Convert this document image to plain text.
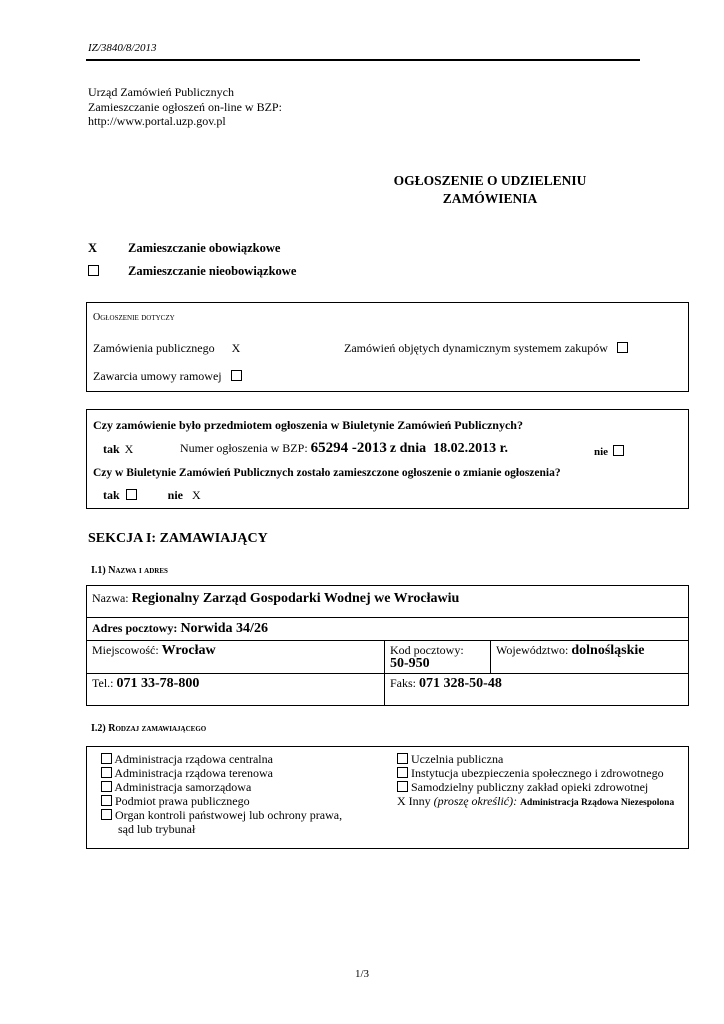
IZ/3840/8/2013
Urząd Zamówień Publicznych
Zamieszczanie ogłoszeń on-line w BZP:
http://www.portal.uzp.gov.pl
OGŁOSZENIE O UDZIELENIU
ZAMÓWIENIA
X Zamieszczanie obowiązkowe
Zamieszczanie nieobowiązkowe
Ogłoszenie dotyczy
Zamówienia publicznego X	Zamówień objętych dynamicznym systemem zakupów
Zawarcia umowy ramowej
Czy zamówienie było przedmiotem ogłoszenia w Biuletynie Zamówień Publicznych?
tak X	Numer ogłoszenia w BZP: 65294 -2013 z dnia 18.02.2013 r.	nie
Czy w Biuletynie Zamówień Publicznych zostało zamieszczone ogłoszenie o zmianie ogłoszenia?
tak	nie X
SEKCJA I: ZAMAWIAJĄCY
I.1) Nazwa i adres
Nazwa: Regionalny Zarząd Gospodarki Wodnej we Wrocławiu
Adres pocztowy: Norwida 34/26
Miejscowość: Wrocław	Kod pocztowy:
50-950
Województwo: dolnośląskie
Tel.: 071 33-78-800	Faks: 071 328-50-48
I.2) Rodzaj zamawiającego
Administracja rządowa centralna
Administracja rządowa terenowa
Administracja samorządowa
Podmiot prawa publicznego
Organ kontroli państwowej lub ochrony prawa,
sąd lub trybunał
Uczelnia publiczna
Instytucja ubezpieczenia społecznego i zdrowotnego
Samodzielny publiczny zakład opieki zdrowotnej
X Inny (proszę określić): Administracja Rządowa Niezespolona
1/3
